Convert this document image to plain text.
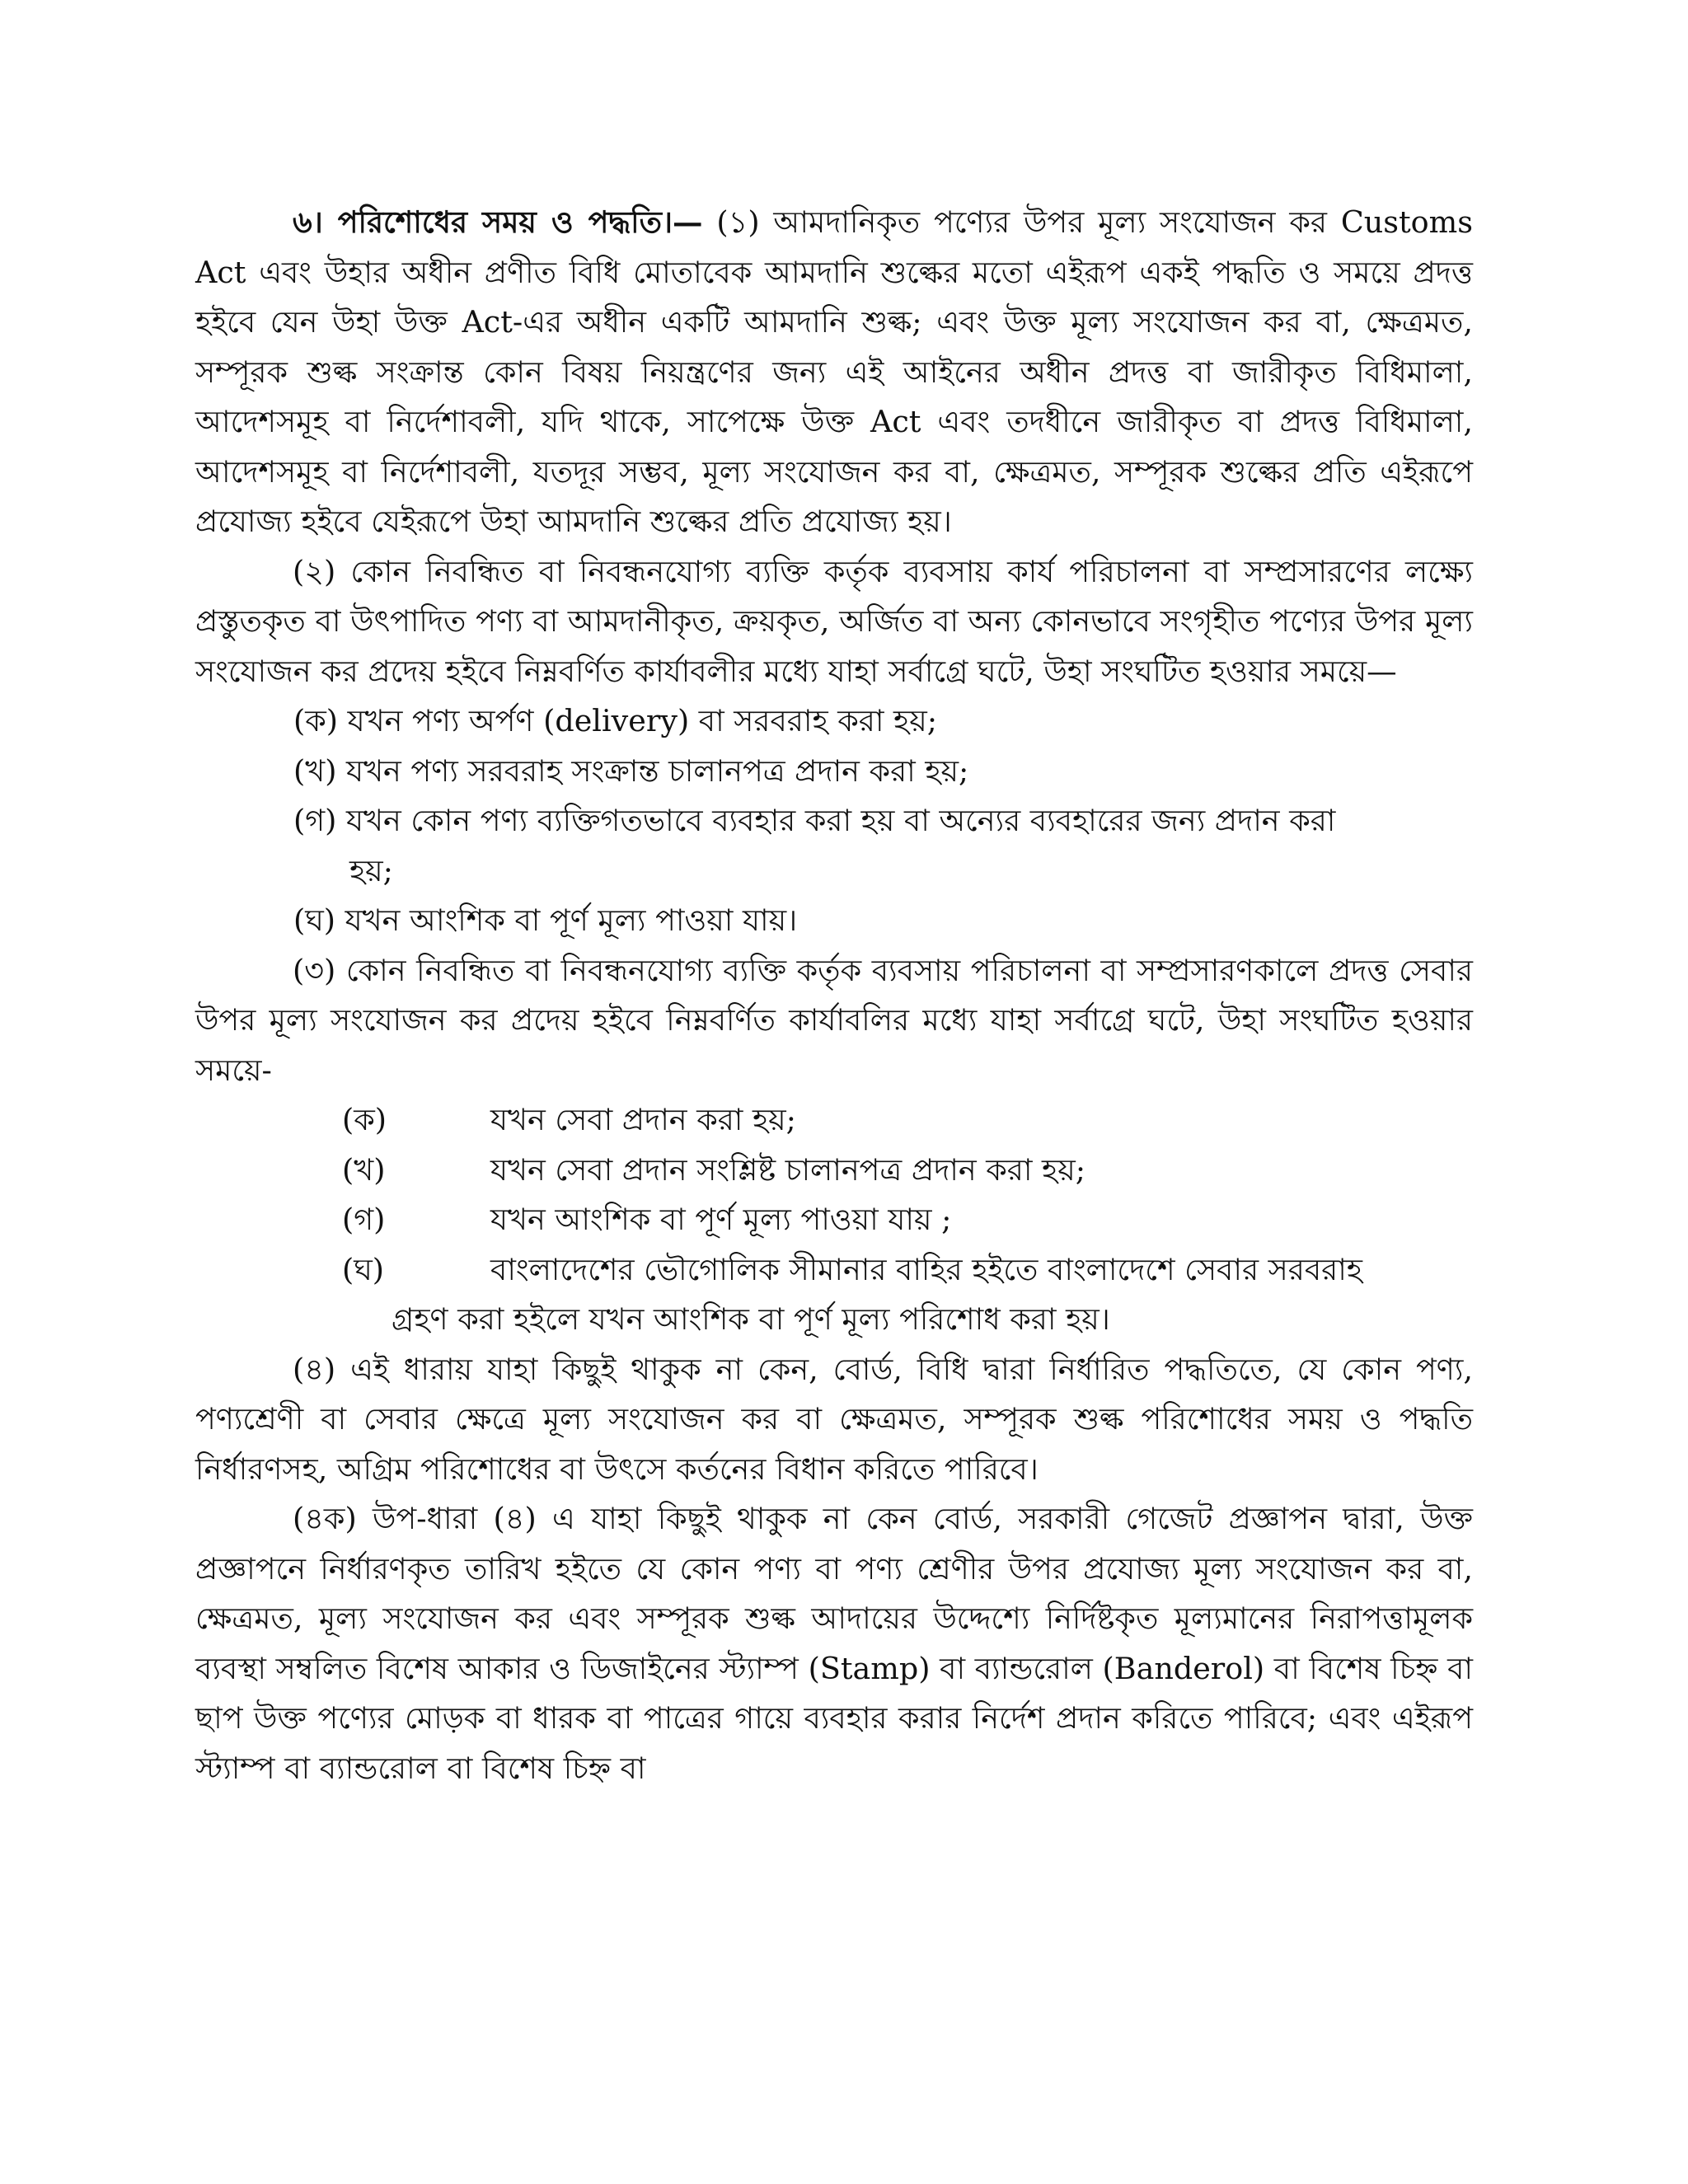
৬। পরিশোধের সময় ও পদ্ধতি।— (১) আমদানিকৃত পণ্যের উপর মূল্য সংযোজন কর Customs Act এবং উহার অধীন প্রণীত বিধি মোতাবেক আমদানি শুল্কের মতো এইরূপ একই পদ্ধতি ও সময়ে প্রদত্ত হইবে যেন উহা উক্ত Act-এর অধীন একটি আমদানি শুল্ক; এবং উক্ত মূল্য সংযোজন কর বা, ক্ষেত্রমত, সম্পূরক শুল্ক সংক্রান্ত কোন বিষয় নিয়ন্ত্রণের জন্য এই আইনের অধীন প্রদত্ত বা জারীকৃত বিধিমালা, আদেশসমূহ বা নির্দেশাবলী, যদি থাকে, সাপেক্ষে উক্ত Act এবং তদধীনে জারীকৃত বা প্রদত্ত বিধিমালা, আদেশসমূহ বা নির্দেশাবলী, যতদূর সম্ভব, মূল্য সংযোজন কর বা, ক্ষেত্রমত, সম্পূরক শুল্কের প্রতি এইরূপে প্রযোজ্য হইবে যেইরূপে উহা আমদানি শুল্কের প্রতি প্রযোজ্য হয়।

(২) কোন নিবন্ধিত বা নিবন্ধনযোগ্য ব্যক্তি কর্তৃক ব্যবসায় কার্য পরিচালনা বা সম্প্রসারণের লক্ষ্যে প্রস্তুতকৃত বা উৎপাদিত পণ্য বা আমদানীকৃত, ক্রয়কৃত, অর্জিত বা অন্য কোনভাবে সংগৃহীত পণ্যের উপর মূল্য সংযোজন কর প্রদেয় হইবে নিম্নবর্ণিত কার্যাবলীর মধ্যে যাহা সর্বাগ্রে ঘটে, উহা সংঘটিত হওয়ার সময়ে—

(ক) যখন পণ্য অর্পণ (delivery) বা সরবরাহ করা হয়;
(খ) যখন পণ্য সরবরাহ সংক্রান্ত চালানপত্র প্রদান করা হয়;
(গ) যখন কোন পণ্য ব্যক্তিগতভাবে ব্যবহার করা হয় বা অন্যের ব্যবহারের জন্য প্রদান করা
হয়;
(ঘ) যখন আংশিক বা পূর্ণ মূল্য পাওয়া যায়।

(৩) কোন নিবন্ধিত বা নিবন্ধনযোগ্য ব্যক্তি কর্তৃক ব্যবসায় পরিচালনা বা সম্প্রসারণকালে প্রদত্ত সেবার উপর মূল্য সংযোজন কর প্রদেয় হইবে নিম্নবর্ণিত কার্যাবলির মধ্যে যাহা সর্বাগ্রে ঘটে, উহা সংঘটিত হওয়ার সময়ে-

(ক)	যখন সেবা প্রদান করা হয়;
(খ)	যখন সেবা প্রদান সংশ্লিষ্ট চালানপত্র প্রদান করা হয়;
(গ)	যখন আংশিক বা পূর্ণ মূল্য পাওয়া যায় ;
(ঘ)	বাংলাদেশের ভৌগোলিক সীমানার বাহির হইতে বাংলাদেশে সেবার সরবরাহ
গ্রহণ করা হইলে যখন আংশিক বা পূর্ণ মূল্য পরিশোধ করা হয়।

(৪) এই ধারায় যাহা কিছুই থাকুক না কেন, বোর্ড, বিধি দ্বারা নির্ধারিত পদ্ধতিতে, যে কোন পণ্য, পণ্যশ্রেণী বা সেবার ক্ষেত্রে মূল্য সংযোজন কর বা ক্ষেত্রমত, সম্পূরক শুল্ক পরিশোধের সময় ও পদ্ধতি নির্ধারণসহ, অগ্রিম পরিশোধের বা উৎসে কর্তনের বিধান করিতে পারিবে।

(৪ক) উপ-ধারা (৪) এ যাহা কিছুই থাকুক না কেন বোর্ড, সরকারী গেজেট প্রজ্ঞাপন দ্বারা, উক্ত প্রজ্ঞাপনে নির্ধারণকৃত তারিখ হইতে যে কোন পণ্য বা পণ্য শ্রেণীর উপর প্রযোজ্য মূল্য সংযোজন কর বা, ক্ষেত্রমত, মূল্য সংযোজন কর এবং সম্পূরক শুল্ক আদায়ের উদ্দেশ্যে নির্দিষ্টকৃত মূল্যমানের নিরাপত্তামূলক ব্যবস্থা সম্বলিত বিশেষ আকার ও ডিজাইনের স্ট্যাম্প (Stamp) বা ব্যান্ডরোল (Banderol) বা বিশেষ চিহ্ন বা ছাপ উক্ত পণ্যের মোড়ক বা ধারক বা পাত্রের গায়ে ব্যবহার করার নির্দেশ প্রদান করিতে পারিবে; এবং এইরূপ স্ট্যাম্প বা ব্যান্ডরোল বা বিশেষ চিহ্ন বা
